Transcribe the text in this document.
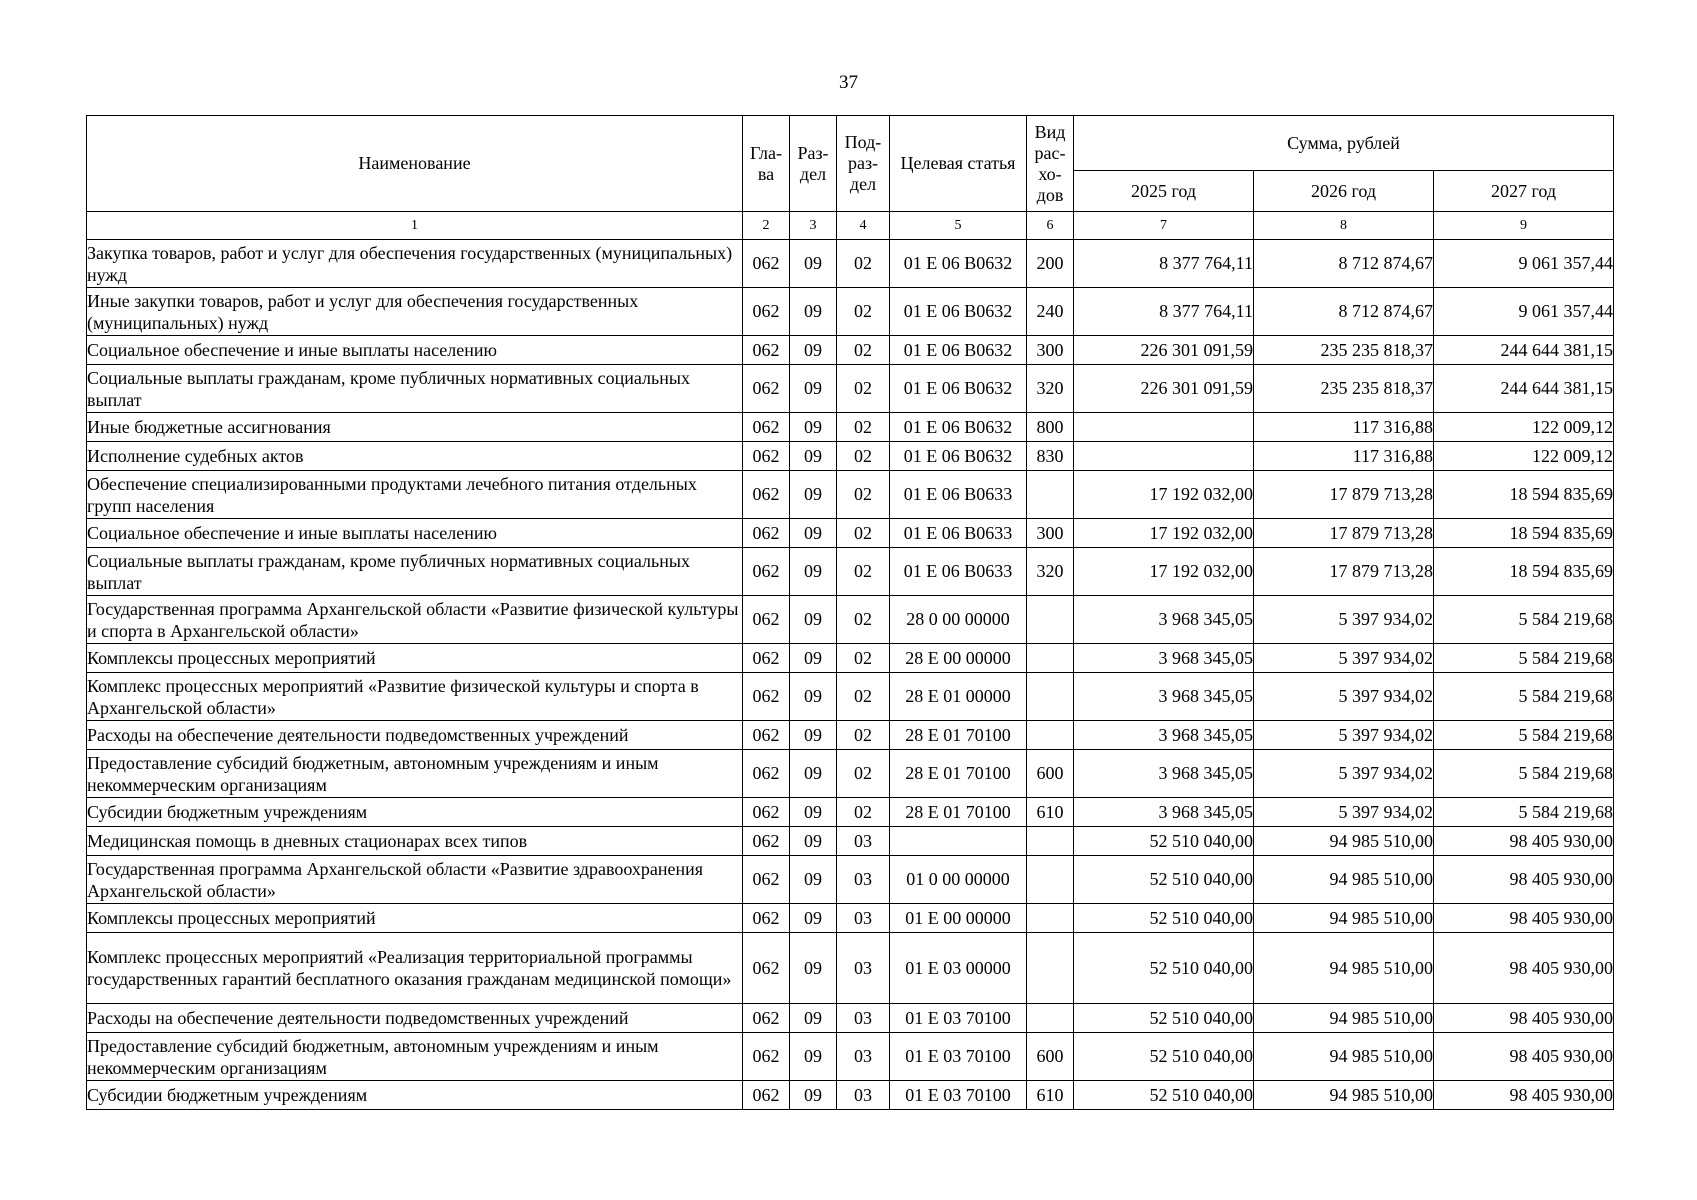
37
Наименование	Гла-ва	Раз-дел	Под-раз-дел	Целевая статья	Вид рас-хо-дов	Сумма, рублей		
						2025 год	2026 год	2027 год
1	2	3	4	5	6	7	8	9
Закупка товаров, работ и услуг для обеспечения государственных (муниципальных) нужд	062	09	02	01 Е 06 В0632	200	8 377 764,11	8 712 874,67	9 061 357,44
Иные закупки товаров, работ и услуг для обеспечения государственных (муниципальных) нужд	062	09	02	01 Е 06 В0632	240	8 377 764,11	8 712 874,67	9 061 357,44
Социальное обеспечение и иные выплаты населению	062	09	02	01 Е 06 В0632	300	226 301 091,59	235 235 818,37	244 644 381,15
Социальные выплаты гражданам, кроме публичных нормативных социальных выплат	062	09	02	01 Е 06 В0632	320	226 301 091,59	235 235 818,37	244 644 381,15
Иные бюджетные ассигнования	062	09	02	01 Е 06 В0632	800		117 316,88	122 009,12
Исполнение судебных актов	062	09	02	01 Е 06 В0632	830		117 316,88	122 009,12
Обеспечение специализированными продуктами лечебного питания отдельных групп населения	062	09	02	01 Е 06 В0633		17 192 032,00	17 879 713,28	18 594 835,69
Социальное обеспечение и иные выплаты населению	062	09	02	01 Е 06 В0633	300	17 192 032,00	17 879 713,28	18 594 835,69
Социальные выплаты гражданам, кроме публичных нормативных социальных выплат	062	09	02	01 Е 06 В0633	320	17 192 032,00	17 879 713,28	18 594 835,69
Государственная программа Архангельской области «Развитие физической культуры и спорта в Архангельской области»	062	09	02	28 0 00 00000		3 968 345,05	5 397 934,02	5 584 219,68
Комплексы процессных мероприятий	062	09	02	28 Е 00 00000		3 968 345,05	5 397 934,02	5 584 219,68
Комплекс процессных мероприятий «Развитие физической культуры и спорта в Архангельской области»	062	09	02	28 Е 01 00000		3 968 345,05	5 397 934,02	5 584 219,68
Расходы на обеспечение деятельности подведомственных учреждений	062	09	02	28 Е 01 70100		3 968 345,05	5 397 934,02	5 584 219,68
Предоставление субсидий бюджетным, автономным учреждениям и иным некоммерческим организациям	062	09	02	28 Е 01 70100	600	3 968 345,05	5 397 934,02	5 584 219,68
Субсидии бюджетным учреждениям	062	09	02	28 Е 01 70100	610	3 968 345,05	5 397 934,02	5 584 219,68
Медицинская помощь в дневных стационарах всех типов	062	09	03			52 510 040,00	94 985 510,00	98 405 930,00
Государственная программа Архангельской области «Развитие здравоохранения Архангельской области»	062	09	03	01 0 00 00000		52 510 040,00	94 985 510,00	98 405 930,00
Комплексы процессных мероприятий	062	09	03	01 Е 00 00000		52 510 040,00	94 985 510,00	98 405 930,00
Комплекс процессных мероприятий «Реализация территориальной программы государственных гарантий бесплатного оказания гражданам медицинской помощи»	062	09	03	01 Е 03 00000		52 510 040,00	94 985 510,00	98 405 930,00
Расходы на обеспечение деятельности подведомственных учреждений	062	09	03	01 Е 03 70100		52 510 040,00	94 985 510,00	98 405 930,00
Предоставление субсидий бюджетным, автономным учреждениям и иным некоммерческим организациям	062	09	03	01 Е 03 70100	600	52 510 040,00	94 985 510,00	98 405 930,00
Субсидии бюджетным учреждениям	062	09	03	01 Е 03 70100	610	52 510 040,00	94 985 510,00	98 405 930,00
